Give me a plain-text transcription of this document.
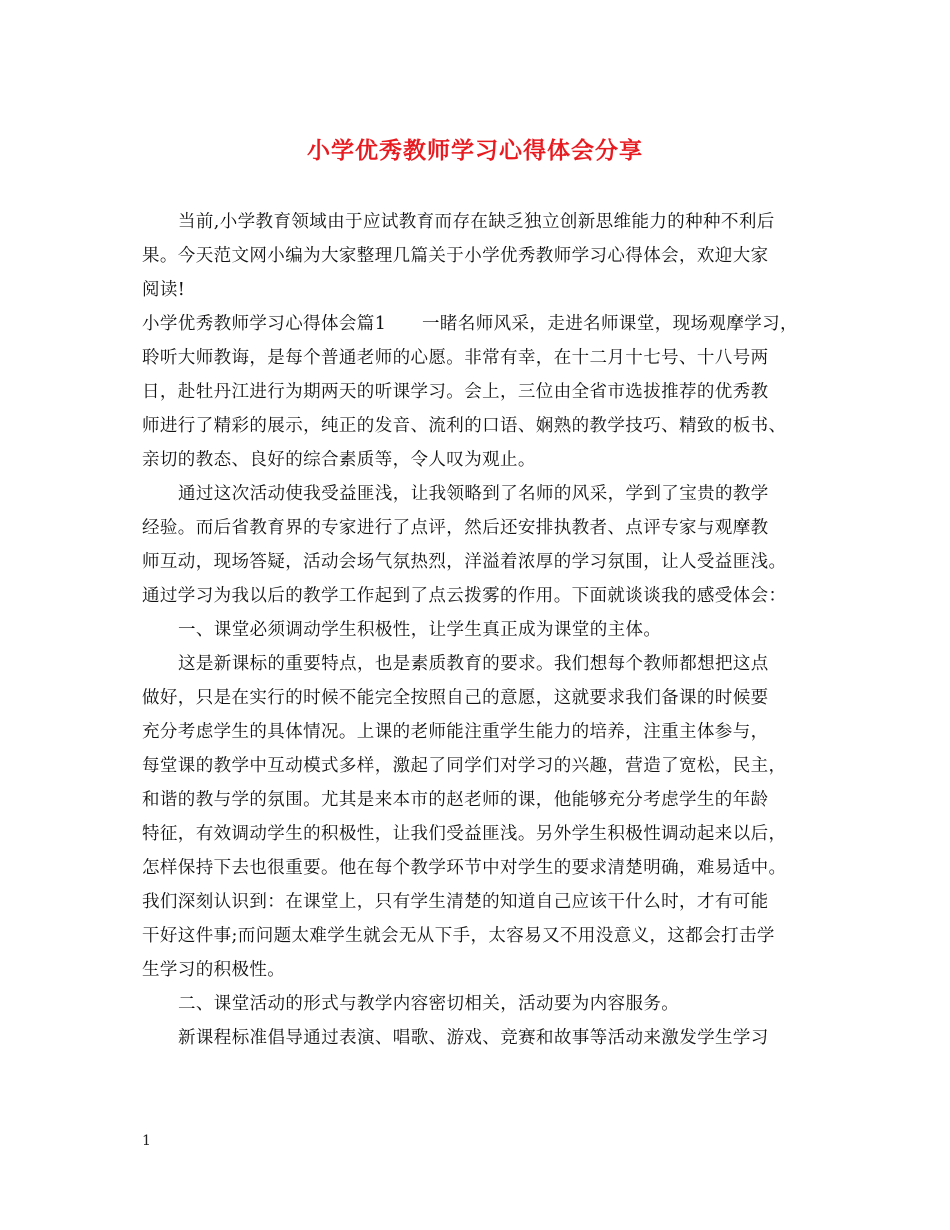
小学优秀教师学习心得体会分享
当前,小学教育领域由于应试教育而存在缺乏独立创新思维能力的种种不利后
果。今天范文网小编为大家整理几篇关于小学优秀教师学习心得体会，欢迎大家
阅读!
小学优秀教师学习心得体会篇1　　一睹名师风采，走进名师课堂，现场观摩学习，
聆听大师教诲，是每个普通老师的心愿。非常有幸，在十二月十七号、十八号两
日，赴牡丹江进行为期两天的听课学习。会上，三位由全省市选拔推荐的优秀教
师进行了精彩的展示，纯正的发音、流利的口语、娴熟的教学技巧、精致的板书、
亲切的教态、良好的综合素质等，令人叹为观止。
通过这次活动使我受益匪浅，让我领略到了名师的风采，学到了宝贵的教学
经验。而后省教育界的专家进行了点评，然后还安排执教者、点评专家与观摩教
师互动，现场答疑，活动会场气氛热烈，洋溢着浓厚的学习氛围，让人受益匪浅。
通过学习为我以后的教学工作起到了点云拨雾的作用。下面就谈谈我的感受体会：
一、课堂必须调动学生积极性，让学生真正成为课堂的主体。
这是新课标的重要特点，也是素质教育的要求。我们想每个教师都想把这点
做好，只是在实行的时候不能完全按照自己的意愿，这就要求我们备课的时候要
充分考虑学生的具体情况。上课的老师能注重学生能力的培养，注重主体参与，
每堂课的教学中互动模式多样，激起了同学们对学习的兴趣，营造了宽松，民主，
和谐的教与学的氛围。尤其是来本市的赵老师的课，他能够充分考虑学生的年龄
特征，有效调动学生的积极性，让我们受益匪浅。另外学生积极性调动起来以后，
怎样保持下去也很重要。他在每个教学环节中对学生的要求清楚明确，难易适中。
我们深刻认识到：在课堂上，只有学生清楚的知道自己应该干什么时，才有可能
干好这件事;而问题太难学生就会无从下手，太容易又不用没意义，这都会打击学
生学习的积极性。
二、课堂活动的形式与教学内容密切相关，活动要为内容服务。
新课程标准倡导通过表演、唱歌、游戏、竞赛和故事等活动来激发学生学习
1
